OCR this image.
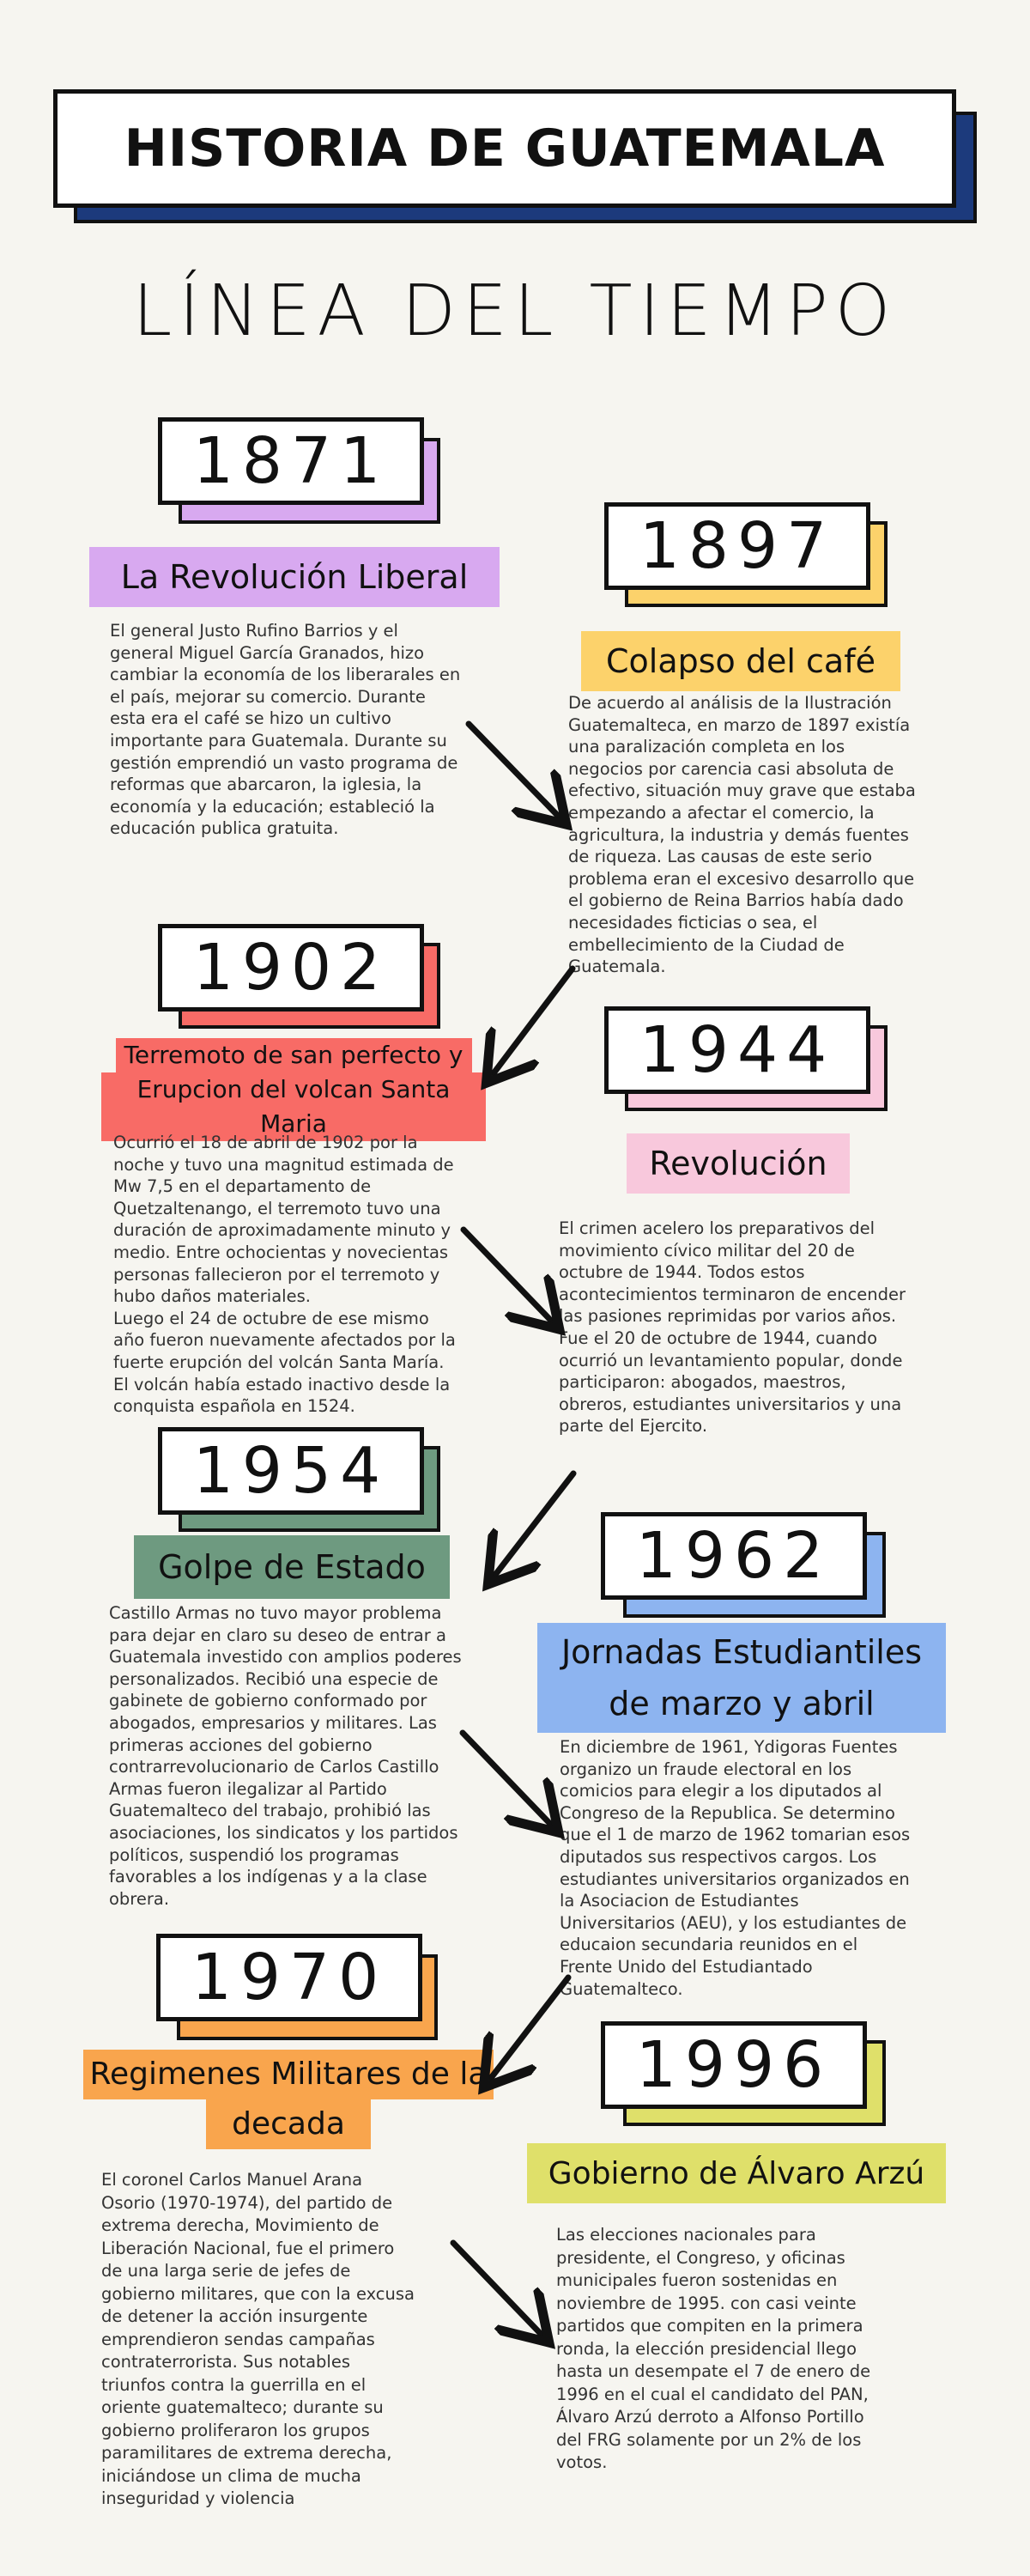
HISTORIA DE GUATEMALA
LÍNEA DEL TIEMPO
1871
La Revolución Liberal
El general Justo Rufino Barrios y el
general Miguel García Granados, hizo
cambiar la economía de los liberarales en
el país, mejorar su comercio. Durante
esta era el café se hizo un cultivo
importante para Guatemala. Durante su
gestión emprendió un vasto programa de
reformas que abarcaron, la iglesia, la
economía y la educación; estableció la
educación publica gratuita.
1897
Colapso del café
De acuerdo al análisis de la Ilustración
Guatemalteca, en marzo de 1897 existía
una paralización completa en los
negocios por carencia casi absoluta de
efectivo, situación muy grave que estaba
empezando a afectar el comercio, la
agricultura, la industria y demás fuentes
de riqueza. Las causas de este serio
problema eran el excesivo desarrollo que
el gobierno de Reina Barrios había dado
necesidades ficticias o sea, el
embellecimiento de la Ciudad de
Guatemala.
1902
Terremoto de san perfecto y
Erupcion del volcan Santa Maria
Ocurrió el 18 de abril de 1902 por la
noche y tuvo una magnitud estimada de
Mw 7,5 en el departamento de
Quetzaltenango, el terremoto tuvo una
duración de aproximadamente minuto y
medio. Entre ochocientas y novecientas
personas fallecieron por el terremoto y
hubo daños materiales.
Luego el 24 de octubre de ese mismo
año fueron nuevamente afectados por la
fuerte erupción del volcán Santa María.
El volcán había estado inactivo desde la
conquista española en 1524.
1944
Revolución
El crimen acelero los preparativos del
movimiento cívico militar del 20 de
octubre de 1944. Todos estos
acontecimientos terminaron de encender
las pasiones reprimidas por varios años.
Fue el 20 de octubre de 1944, cuando
ocurrió un levantamiento popular, donde
participaron: abogados, maestros,
obreros, estudiantes universitarios y una
parte del Ejercito.
1954
Golpe de Estado
Castillo Armas no tuvo mayor problema
para dejar en claro su deseo de entrar a
Guatemala investido con amplios poderes
personalizados. Recibió una especie de
gabinete de gobierno conformado por
abogados, empresarios y militares. Las
primeras acciones del gobierno
contrarrevolucionario de Carlos Castillo
Armas fueron ilegalizar al Partido
Guatemalteco del trabajo, prohibió las
asociaciones, los sindicatos y los partidos
políticos, suspendió los programas
favorables a los indígenas y a la clase
obrera.
1962
Jornadas Estudiantiles
de marzo y abril
En diciembre de 1961, Ydigoras Fuentes
organizo un fraude electoral en los
comicios para elegir a los diputados al
Congreso de la Republica. Se determino
que el 1 de marzo de 1962 tomarian esos
diputados sus respectivos cargos. Los
estudiantes universitarios organizados en
la Asociacion de Estudiantes
Universitarios (AEU), y los estudiantes de
educaion secundaria reunidos en el
Frente Unido del Estudiantado
Guatemalteco.
1970
Regimenes Militares de la
decada
El coronel Carlos Manuel Arana
Osorio (1970-1974), del partido de
extrema derecha, Movimiento de
Liberación Nacional, fue el primero
de una larga serie de jefes de
gobierno militares, que con la excusa
de detener la acción insurgente
emprendieron sendas campañas
contraterrorista. Sus notables
triunfos contra la guerrilla en el
oriente guatemalteco; durante su
gobierno proliferaron los grupos
paramilitares de extrema derecha,
iniciándose un clima de mucha
inseguridad y violencia
1996
Gobierno de Álvaro Arzú
Las elecciones nacionales para
presidente, el Congreso, y oficinas
municipales fueron sostenidas en
noviembre de 1995. con casi veinte
partidos que compiten en la primera
ronda, la elección presidencial llego
hasta un desempate el 7 de enero de
1996 en el cual el candidato del PAN,
Álvaro Arzú derroto a Alfonso Portillo
del FRG solamente por un 2% de los
votos.
